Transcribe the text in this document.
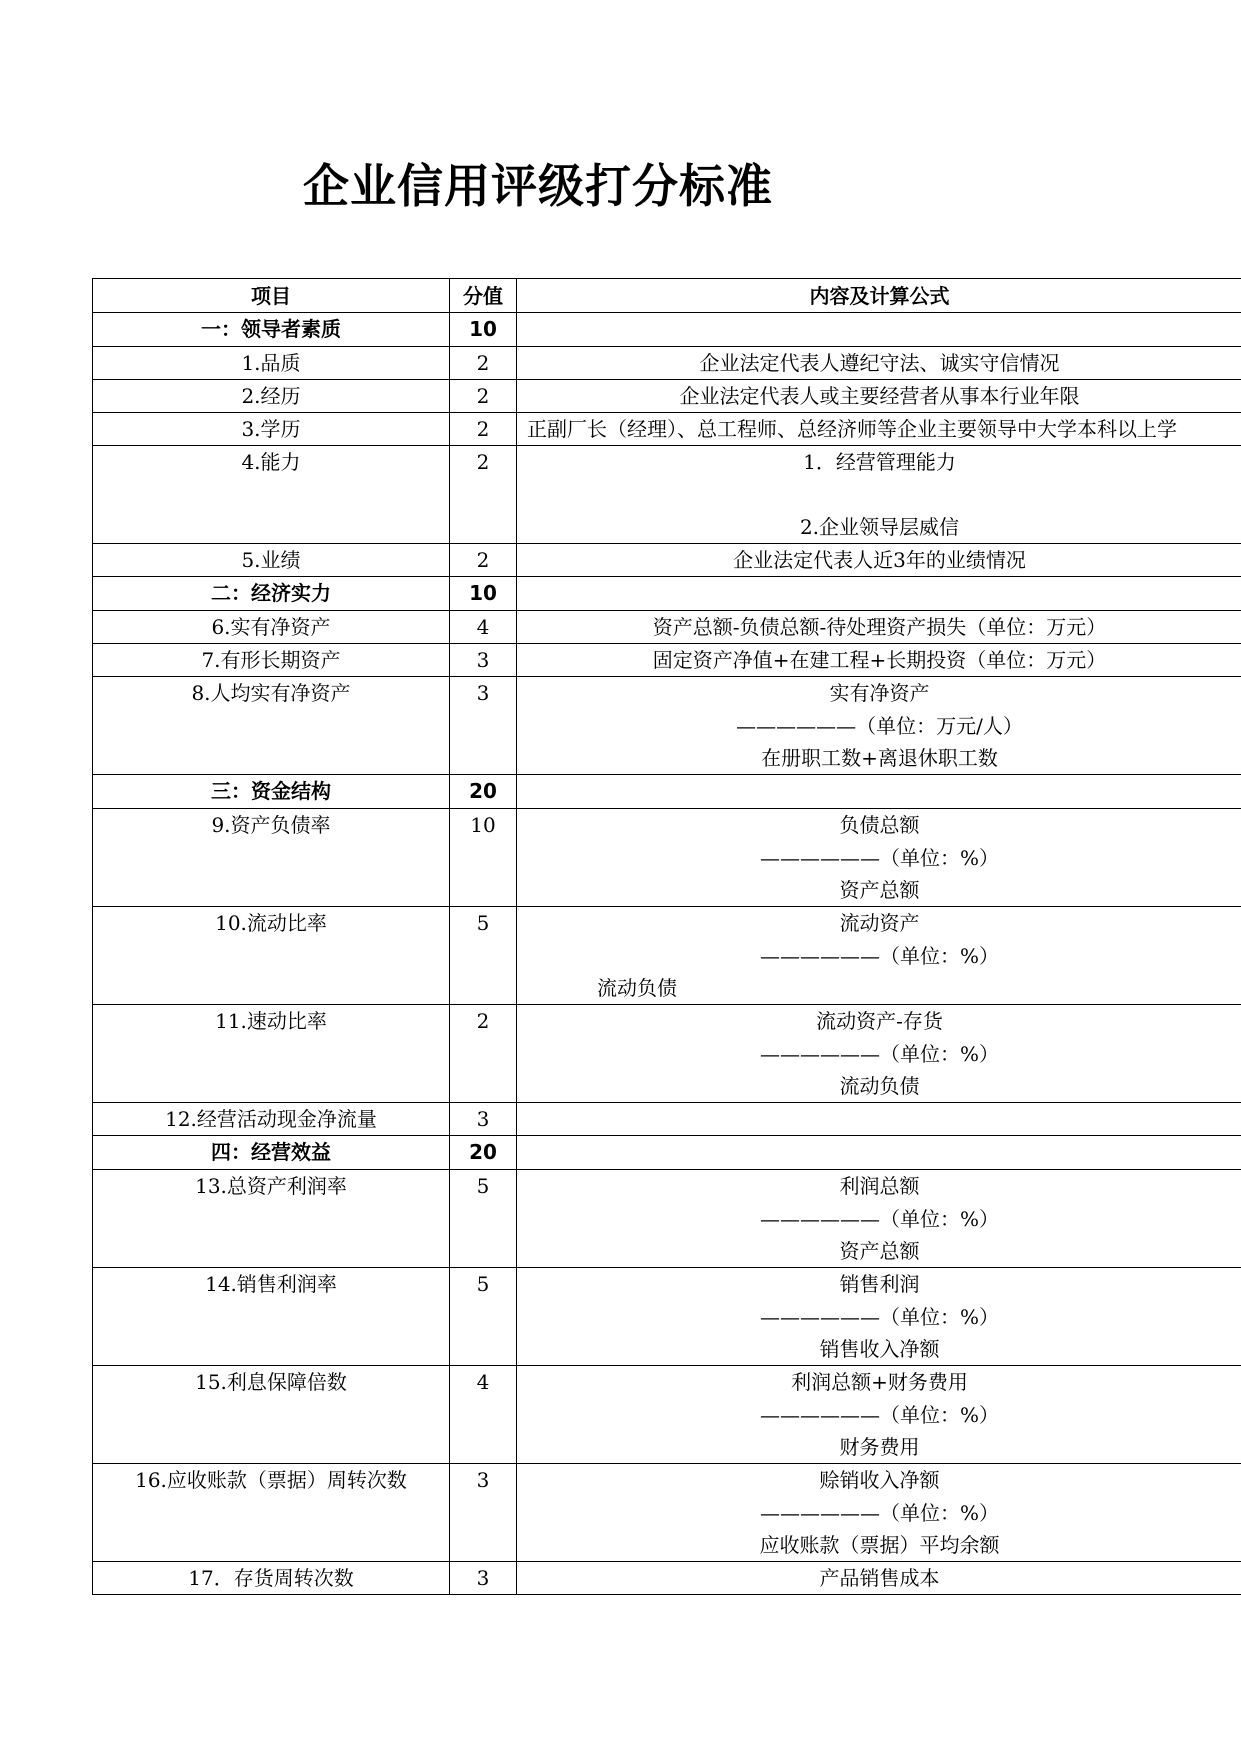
企业信用评级打分标准
项目	分值	内容及计算公式
一：领导者素质	10
1.品质	2	企业法定代表人遵纪守法、诚实守信情况
2.经历	2	企业法定代表人或主要经营者从事本行业年限
3.学历	2	正副厂长（经理）、总工程师、总经济师等企业主要领导中大学本科以上学
4.能力	2	1．经营管理能力
2.企业领导层威信
5.业绩	2	企业法定代表人近3年的业绩情况
二：经济实力	10
6.实有净资产	4	资产总额-负债总额-待处理资产损失（单位：万元）
7.有形长期资产	3	固定资产净值+在建工程+长期投资（单位：万元）
8.人均实有净资产	3	实有净资产
——————（单位：万元/人）
在册职工数+离退休职工数
三：资金结构	20
9.资产负债率	10	负债总额
——————（单位：%）
资产总额
10.流动比率	5	流动资产
——————（单位：%）
流动负债
11.速动比率	2	流动资产-存货
——————（单位：%）
流动负债
12.经营活动现金净流量	3
四：经营效益	20
13.总资产利润率	5	利润总额
——————（单位：%）
资产总额
14.销售利润率	5	销售利润
——————（单位：%）
销售收入净额
15.利息保障倍数	4	利润总额+财务费用
——————（单位：%）
财务费用
16.应收账款（票据）周转次数	3	赊销收入净额
——————（单位：%）
应收账款（票据）平均余额
17．存货周转次数	3	产品销售成本
